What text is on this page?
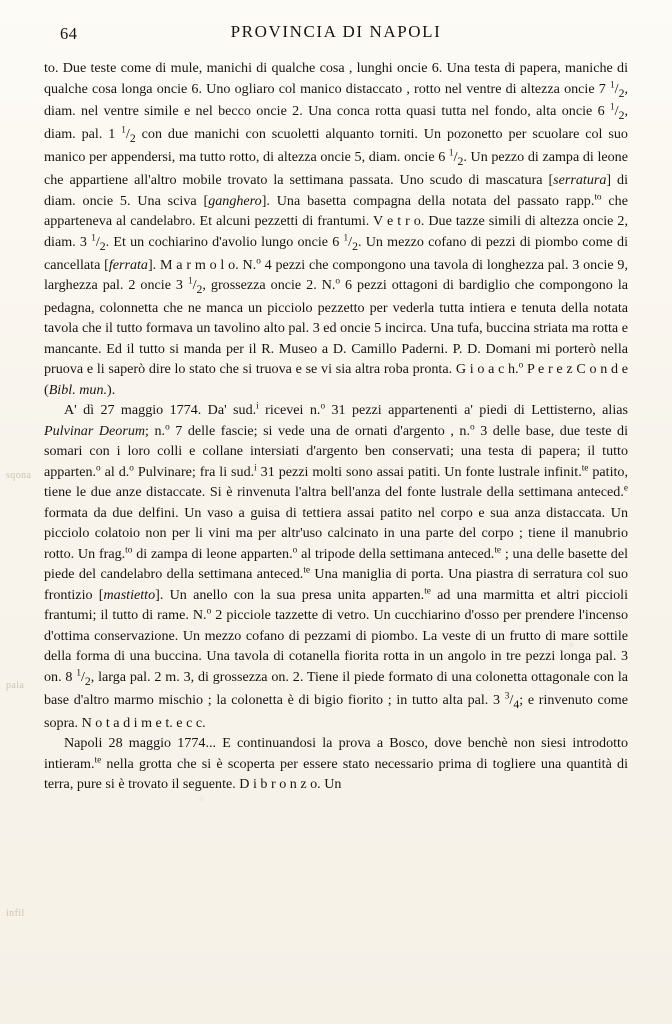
64	PROVINCIA DI NAPOLI

to. Due teste come di mule, manichi di qualche cosa , lunghi oncie 6. Una testa di papera, maniche di qualche cosa longa oncie 6. Uno ogliaro col manico distaccato , rotto nel ventre di altezza oncie 7 $^1/_2$, diam. nel ventre simile e nel becco oncie 2. Una conca rotta quasi tutta nel fondo, alta oncie 6 $^1/_2$, diam. pal. 1 $^1/_2$ con due manichi con scuoletti alquanto torniti. Un pozonetto per scuolare col suo manico per appendersi, ma tutto rotto, di altezza oncie 5, diam. oncie 6 $^1/_2$. Un pezzo di zampa di leone che appartiene all'altro mobile trovato la settimana passata. Uno scudo di mascatura [serratura] di diam. oncie 5. Una sciva [ganghero]. Una basetta compagna della notata del passato rapp.$^{to}$ che apparteneva al candelabro. Et alcuni pezzetti di frantumi. V e t r o. Due tazze simili di altezza oncie 2, diam. 3 $^1/_2$. Et un cochiarino d'avolio lungo oncie 6 $^1/_2$. Un mezzo cofano di pezzi di piombo come di cancellata [ferrata]. M a r m o l o. N.$^o$ 4 pezzi che compongono una tavola di longhezza pal. 3 oncie 9, larghezza pal. 2 oncie 3 $^1/_2$, grossezza oncie 2. N.$^o$ 6 pezzi ottagoni di bardiglio che compongono la pedagna, colonnetta che ne manca un picciolo pezzetto per vederla tutta intiera e tenuta della notata tavola che il tutto formava un tavolino alto pal. 3 ed oncie 5 incirca. Una tufa, buccina striata ma rotta e mancante. Ed il tutto si manda per il R. Museo a D. Camillo Paderni. P. D. Domani mi porterò nella pruova e li saperò dire lo stato che si truova e se vi sia altra roba pronta. G i o a c h.$^o$ P e r e z C o n d e (Bibl. mun.).

A' dì 27 maggio 1774. Da' sud.$^i$ ricevei n.$^o$ 31 pezzi appartenenti a' piedi di Lettisterno, alias Pulvinar Deorum; n.$^o$ 7 delle fascie; si vede una de ornati d'argento , n.$^o$ 3 delle base, due teste di somari con i loro colli e collane intersiati d'argento ben conservati; una testa di papera; il tutto apparten.$^o$ al d.$^o$ Pulvinare; fra li sud.$^i$ 31 pezzi molti sono assai patiti. Un fonte lustrale infinit.$^{te}$ patito, tiene le due anze distaccate. Si è rinvenuta l'altra bell'anza del fonte lustrale della settimana anteced.$^e$ formata da due delfini. Un vaso a guisa di tettiera assai patito nel corpo e sua anza distaccata. Un picciolo colatoio non per li vini ma per altr'uso calcinato in una parte del corpo ; tiene il manubrio rotto. Un frag.$^{to}$ di zampa di leone apparten.$^o$ al tripode della settimana anteced.$^{te}$ ; una delle basette del piede del candelabro della settimana anteced.$^{te}$ Una maniglia di porta. Una piastra di serratura col suo frontizio [mastietto]. Un anello con la sua presa unita apparten.$^{te}$ ad una marmitta et altri piccioli frantumi; il tutto di rame. N.$^o$ 2 picciole tazzette di vetro. Un cucchiarino d'osso per prendere l'incenso d'ottima conservazione. Un mezzo cofano di pezzami di piombo. La veste di un frutto di mare sottile della forma di una buccina. Una tavola di cotanella fiorita rotta in un angolo in tre pezzi longa pal. 3 on. 8 $^1/_2$, larga pal. 2 m. 3, di grossezza on. 2. Tiene il piede formato di una colonetta ottagonale con la base d'altro marmo mischio ; la colonetta è di bigio fiorito ; in tutto alta pal. 3 $^3/_4$; e rinvenuto come sopra. N o t a d i m e t. e c c.

Napoli 28 maggio 1774... E continuandosi la prova a Bosco, dove benchè non siesi introdotto intieram.$^{te}$ nella grotta che si è scoperta per essere stato necessario prima di togliere una quantità di terra, pure si è trovato il seguente. D i b r o n z o. Un

sqona
paia
infil
